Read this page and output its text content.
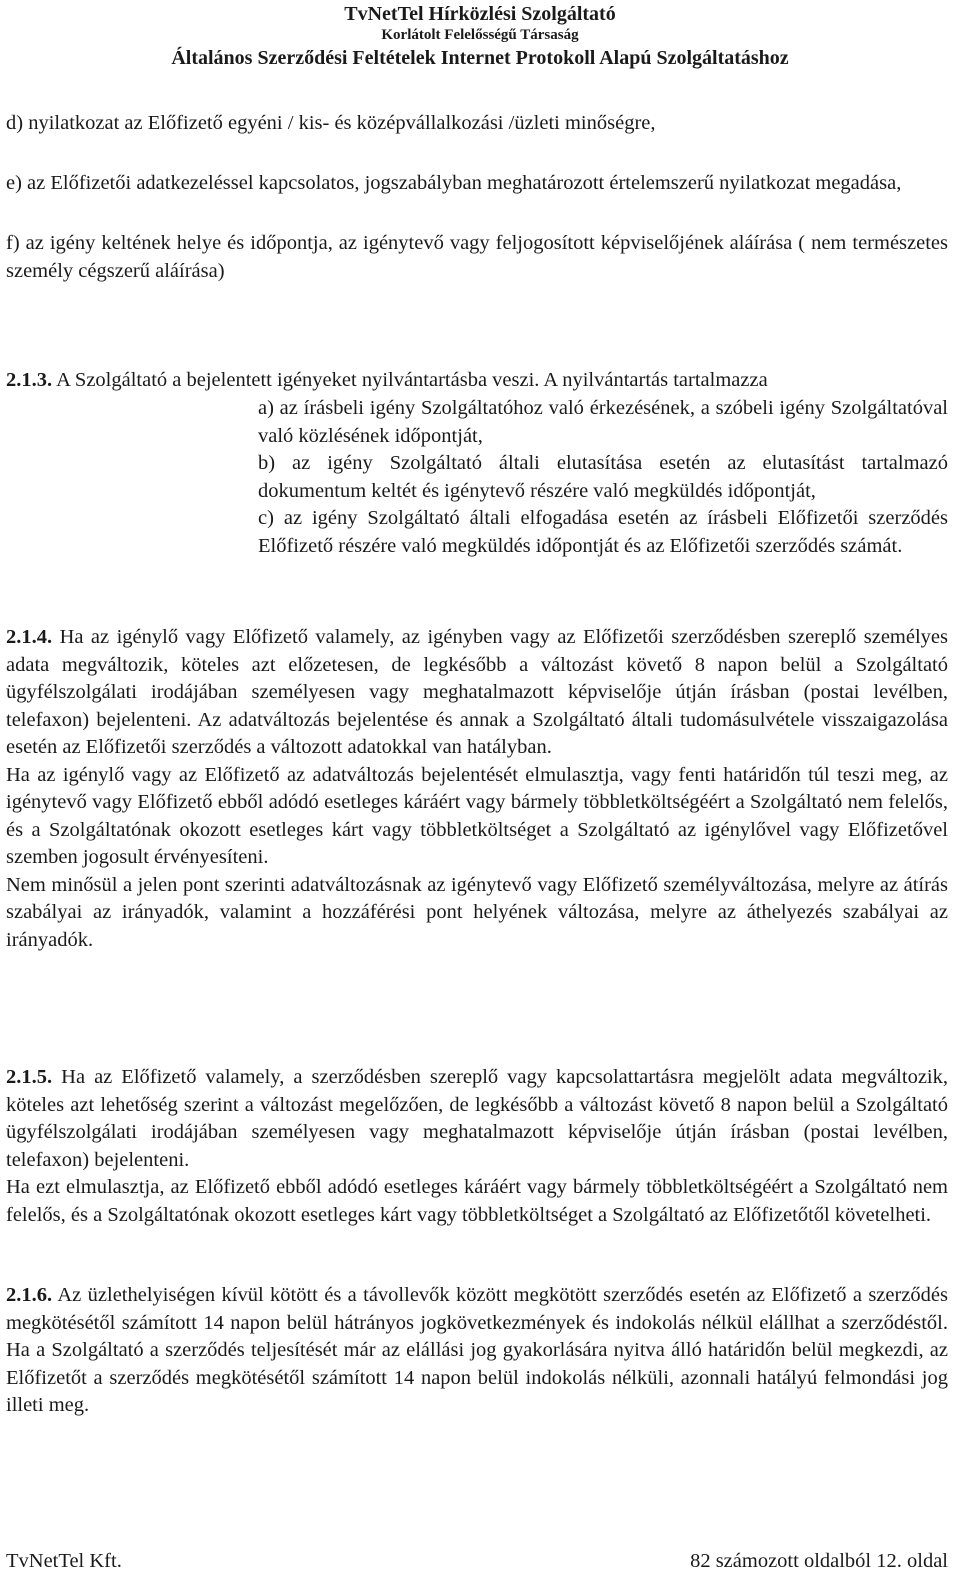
TvNetTel Hírközlési Szolgáltató
Korlátolt Felelősségű Társaság
Általános Szerződési Feltételek Internet Protokoll Alapú Szolgáltatáshoz

d) nyilatkozat az Előfizető egyéni / kis- és középvállalkozási /üzleti minőségre,

e) az Előfizetői adatkezeléssel kapcsolatos, jogszabályban meghatározott értelemszerű nyilatkozat megadása,

f) az igény keltének helye és időpontja, az igénytevő vagy feljogosított képviselőjének aláírása ( nem természetes személy cégszerű aláírása)

2.1.3. A Szolgáltató a bejelentett igényeket nyilvántartásba veszi. A nyilvántartás tartalmazza

a) az írásbeli igény Szolgáltatóhoz való érkezésének, a szóbeli igény Szolgáltatóval való közlésének időpontját,

b) az igény Szolgáltató általi elutasítása esetén az elutasítást tartalmazó dokumentum keltét és igénytevő részére való megküldés időpontját,

c) az igény Szolgáltató általi elfogadása esetén az írásbeli Előfizetői szerződés Előfizető részére való megküldés időpontját és az Előfizetői szerződés számát.

2.1.4. Ha az igénylő vagy Előfizető valamely, az igényben vagy az Előfizetői szerződésben szereplő személyes adata megváltozik, köteles azt előzetesen, de legkésőbb a változást követő 8 napon belül a Szolgáltató ügyfélszolgálati irodájában személyesen vagy meghatalmazott képviselője útján írásban (postai levélben, telefaxon) bejelenteni. Az adatváltozás bejelentése és annak a Szolgáltató általi tudomásulvétele visszaigazolása esetén az Előfizetői szerződés a változott adatokkal van hatályban.

Ha az igénylő vagy az Előfizető az adatváltozás bejelentését elmulasztja, vagy fenti határidőn túl teszi meg, az igénytevő vagy Előfizető ebből adódó esetleges káráért vagy bármely többletköltségéért a Szolgáltató nem felelős, és a Szolgáltatónak okozott esetleges kárt vagy többletköltséget a Szolgáltató az igénylővel vagy Előfizetővel szemben jogosult érvényesíteni.

Nem minősül a jelen pont szerinti adatváltozásnak az igénytevő vagy Előfizető személyváltozása, melyre az átírás szabályai az irányadók, valamint a hozzáférési pont helyének változása, melyre az áthelyezés szabályai az irányadók.

2.1.5. Ha az Előfizető valamely, a szerződésben szereplő vagy kapcsolattartásra megjelölt adata megváltozik, köteles azt lehetőség szerint a változást megelőzően, de legkésőbb a változást követő 8 napon belül a Szolgáltató ügyfélszolgálati irodájában személyesen vagy meghatalmazott képviselője útján írásban (postai levélben, telefaxon) bejelenteni.

Ha ezt elmulasztja, az Előfizető ebből adódó esetleges káráért vagy bármely többletköltségéért a Szolgáltató nem felelős, és a Szolgáltatónak okozott esetleges kárt vagy többletköltséget a Szolgáltató az Előfizetőtől követelheti.

2.1.6. Az üzlethelyiségen kívül kötött és a távollevők között megkötött szerződés esetén az Előfizető a szerződés megkötésétől számított 14 napon belül hátrányos jogkövetkezmények és indokolás nélkül elállhat a szerződéstől. Ha a Szolgáltató a szerződés teljesítését már az elállási jog gyakorlására nyitva álló határidőn belül megkezdi, az Előfizetőt a szerződés megkötésétől számított 14 napon belül indokolás nélküli, azonnali hatályú felmondási jog illeti meg.

TvNetTel Kft.	82 számozott oldalból 12. oldal
